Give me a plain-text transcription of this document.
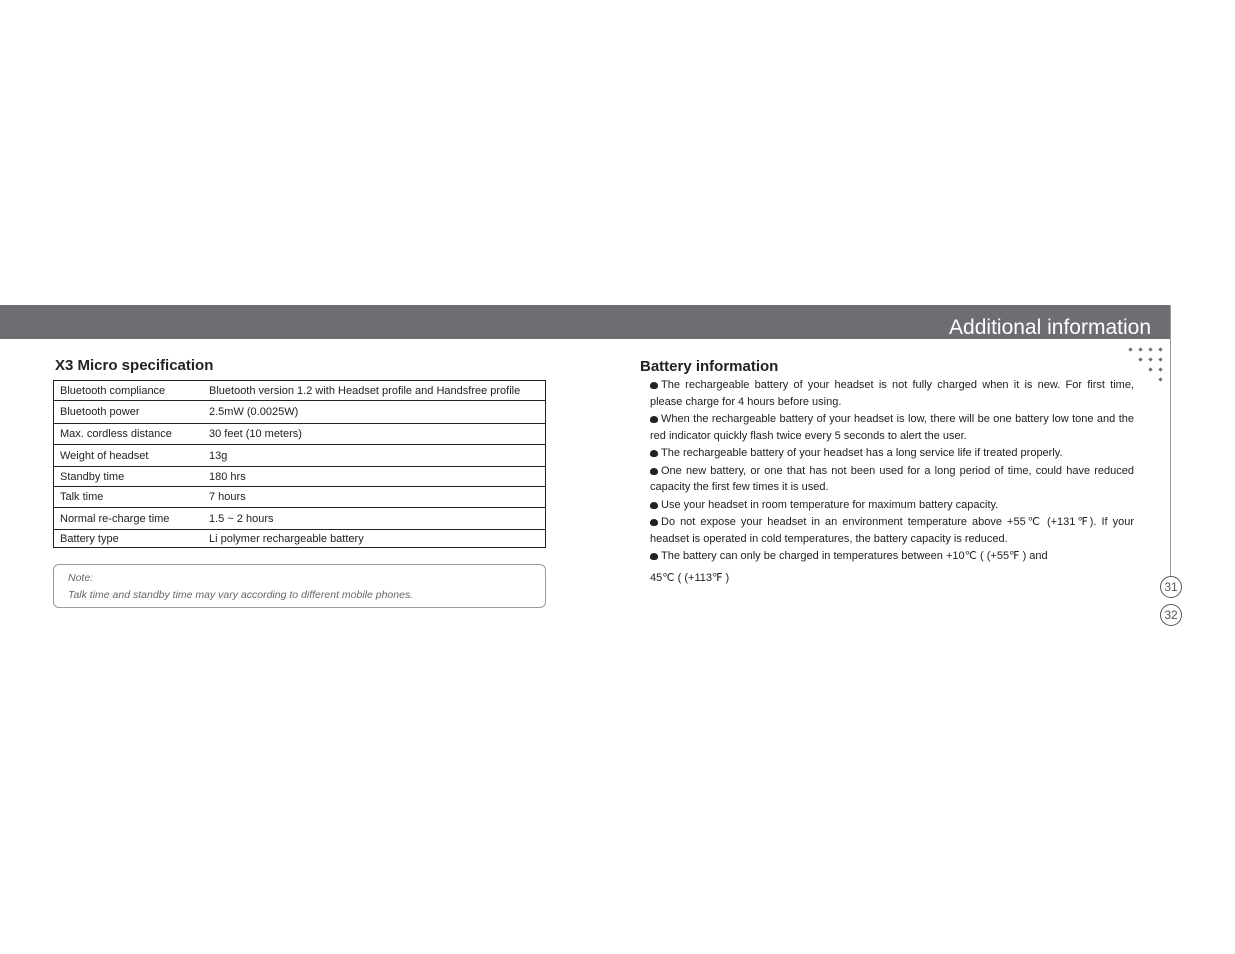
Additional information
X3 Micro specification
Bluetooth compliance	Bluetooth version 1.2 with Headset profile and Handsfree profile
Bluetooth power	2.5mW (0.0025W)
Max. cordless distance	30 feet (10 meters)
Weight of headset	13g
Standby time	180 hrs
Talk time	7 hours
Normal re-charge time	1.5 ~ 2 hours
Battery type	Li polymer rechargeable battery
Note:
Talk time and standby time may vary according to different mobile phones.
Battery information
The rechargeable battery of your headset is not fully charged when it is new. For first time, please charge for 4 hours before using.
When the rechargeable battery of your headset is low, there will be one battery low tone and the red indicator quickly flash twice every 5 seconds to alert the user.
The rechargeable battery of your headset has a long service life if treated properly.
One new battery, or one that has not been used for a long period of time, could have reduced capacity the first few times it is used.
Use your headset in room temperature for maximum battery capacity.
Do not expose your headset in an environment temperature above +55℃ (+131℉). If your headset is operated in cold temperatures, the battery capacity is reduced.
The battery can only be charged in temperatures between +10℃ ( (+55℉ ) and
45℃ ( (+113℉ )
31
32
